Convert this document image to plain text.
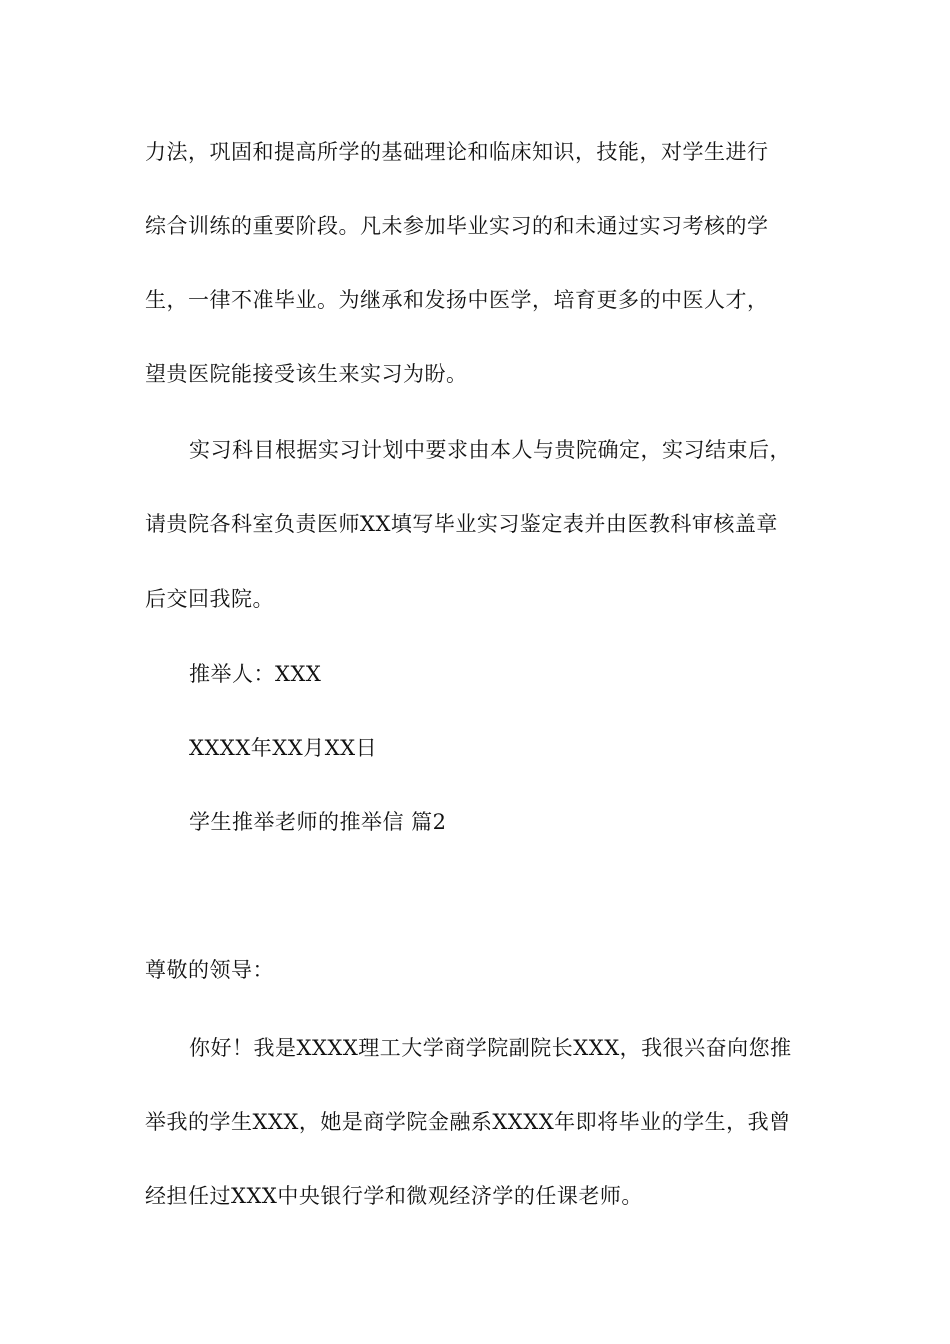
力法，巩固和提高所学的基础理论和临床知识，技能，对学生进行
综合训练的重要阶段。凡未参加毕业实习的和未通过实习考核的学
生，一律不准毕业。为继承和发扬中医学，培育更多的中医人才，
望贵医院能接受该生来实习为盼。
实习科目根据实习计划中要求由本人与贵院确定，实习结束后，
请贵院各科室负责医师XX填写毕业实习鉴定表并由医教科审核盖章
后交回我院。
推举人：XXX
XXXX年XX月XX日
学生推举老师的推举信 篇2
尊敬的领导：
你好！我是XXXX理工大学商学院副院长XXX，我很兴奋向您推
举我的学生XXX，她是商学院金融系XXXX年即将毕业的学生，我曾
经担任过XXX中央银行学和微观经济学的任课老师。
